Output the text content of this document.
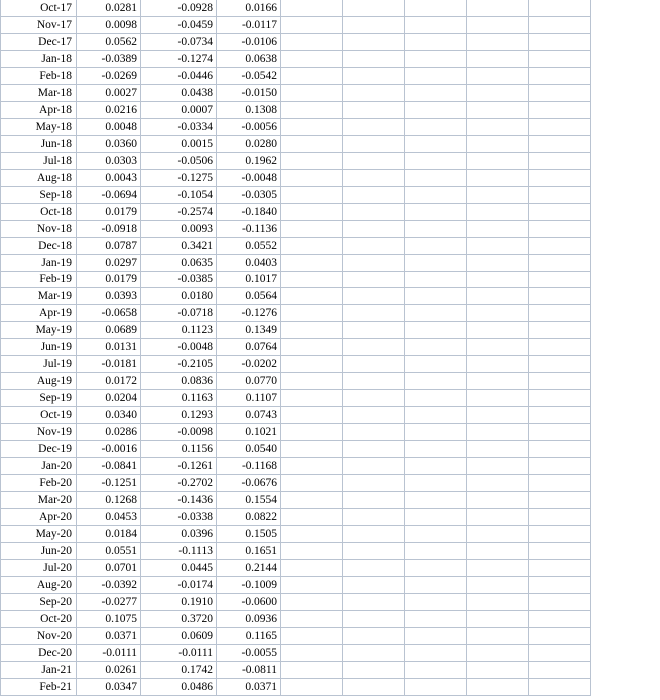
Oct-17	0.0281	-0.0928	0.0166					
Nov-17	0.0098	-0.0459	-0.0117					
Dec-17	0.0562	-0.0734	-0.0106					
Jan-18	-0.0389	-0.1274	0.0638					
Feb-18	-0.0269	-0.0446	-0.0542					
Mar-18	0.0027	0.0438	-0.0150					
Apr-18	0.0216	0.0007	0.1308					
May-18	0.0048	-0.0334	-0.0056					
Jun-18	0.0360	0.0015	0.0280					
Jul-18	0.0303	-0.0506	0.1962					
Aug-18	0.0043	-0.1275	-0.0048					
Sep-18	-0.0694	-0.1054	-0.0305					
Oct-18	0.0179	-0.2574	-0.1840					
Nov-18	-0.0918	0.0093	-0.1136					
Dec-18	0.0787	0.3421	0.0552					
Jan-19	0.0297	0.0635	0.0403					
Feb-19	0.0179	-0.0385	0.1017					
Mar-19	0.0393	0.0180	0.0564					
Apr-19	-0.0658	-0.0718	-0.1276					
May-19	0.0689	0.1123	0.1349					
Jun-19	0.0131	-0.0048	0.0764					
Jul-19	-0.0181	-0.2105	-0.0202					
Aug-19	0.0172	0.0836	0.0770					
Sep-19	0.0204	0.1163	0.1107					
Oct-19	0.0340	0.1293	0.0743					
Nov-19	0.0286	-0.0098	0.1021					
Dec-19	-0.0016	0.1156	0.0540					
Jan-20	-0.0841	-0.1261	-0.1168					
Feb-20	-0.1251	-0.2702	-0.0676					
Mar-20	0.1268	-0.1436	0.1554					
Apr-20	0.0453	-0.0338	0.0822					
May-20	0.0184	0.0396	0.1505					
Jun-20	0.0551	-0.1113	0.1651					
Jul-20	0.0701	0.0445	0.2144					
Aug-20	-0.0392	-0.0174	-0.1009					
Sep-20	-0.0277	0.1910	-0.0600					
Oct-20	0.1075	0.3720	0.0936					
Nov-20	0.0371	0.0609	0.1165					
Dec-20	-0.0111	-0.0111	-0.0055					
Jan-21	0.0261	0.1742	-0.0811					
Feb-21	0.0347	0.0486	0.0371					
